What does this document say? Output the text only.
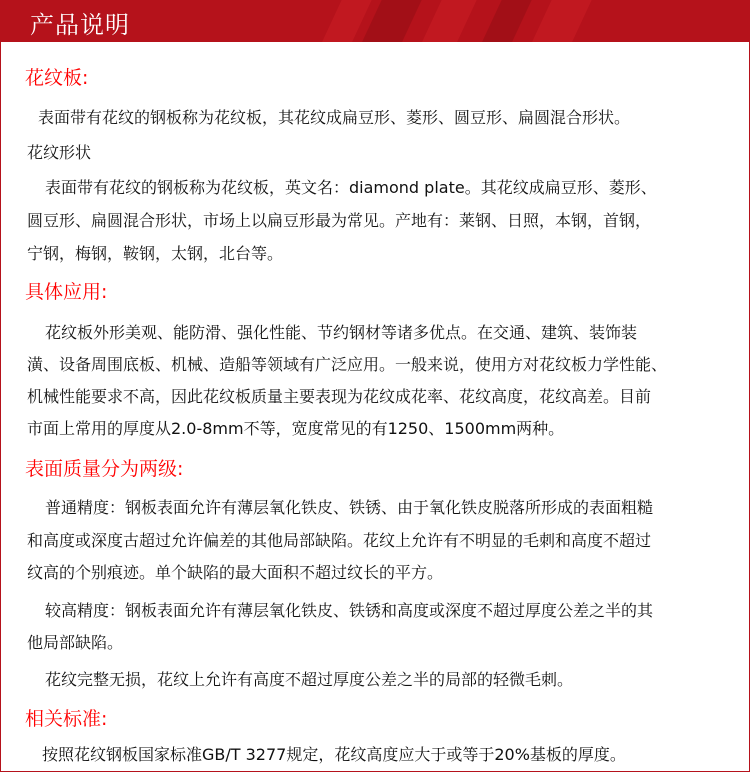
产品说明
花纹板:
表面带有花纹的钢板称为花纹板，其花纹成扁豆形、菱形、圆豆形、扁圆混合形状。
花纹形状
表面带有花纹的钢板称为花纹板，英文名：diamond plate。其花纹成扁豆形、菱形、
圆豆形、扁圆混合形状，市场上以扁豆形最为常见。产地有：莱钢、日照，本钢，首钢，
宁钢，梅钢，鞍钢，太钢，北台等。
具体应用:
花纹板外形美观、能防滑、强化性能、节约钢材等诸多优点。在交通、建筑、装饰装
潢、设备周围底板、机械、造船等领域有广泛应用。一般来说，使用方对花纹板力学性能、
机械性能要求不高，因此花纹板质量主要表现为花纹成花率、花纹高度，花纹高差。目前
市面上常用的厚度从2.0-8mm不等，宽度常见的有1250、1500mm两种。
表面质量分为两级:
普通精度：钢板表面允许有薄层氧化铁皮、铁锈、由于氧化铁皮脱落所形成的表面粗糙
和高度或深度古超过允许偏差的其他局部缺陷。花纹上允许有不明显的毛刺和高度不超过
纹高的个别痕迹。单个缺陷的最大面积不超过纹长的平方。
较高精度：钢板表面允许有薄层氧化铁皮、铁锈和高度或深度不超过厚度公差之半的其
他局部缺陷。
花纹完整无损，花纹上允许有高度不超过厚度公差之半的局部的轻微毛刺。
相关标准:
按照花纹钢板国家标准GB/T 3277规定，花纹高度应大于或等于20%基板的厚度。
